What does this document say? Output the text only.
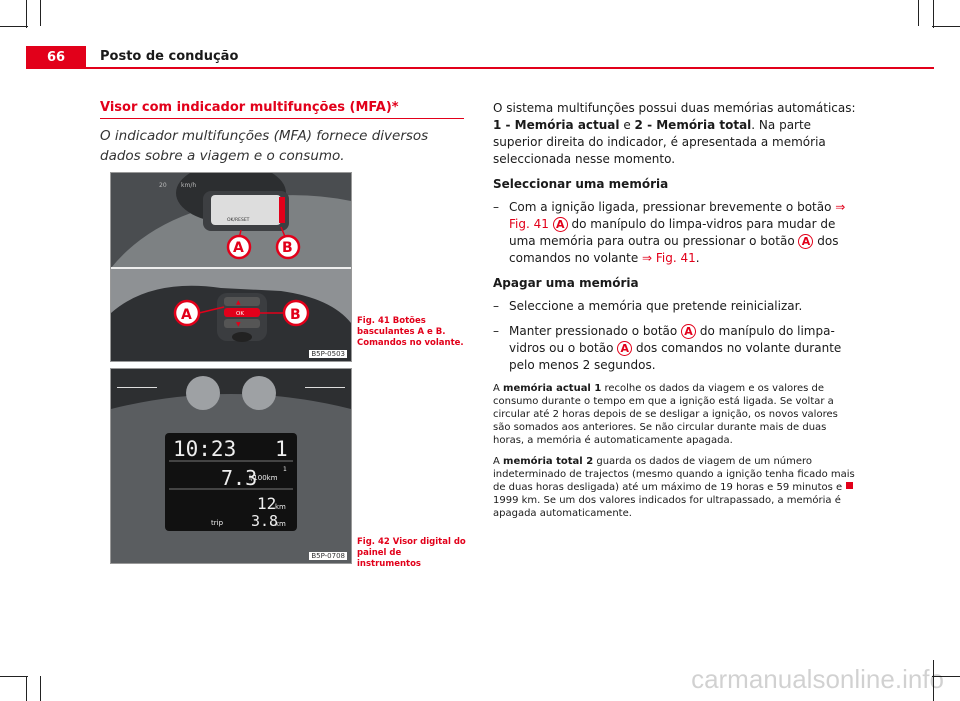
66	Posto de condução
Visor com indicador multifunções (MFA)*
O indicador multifunções (MFA) fornece diversos dados sobre a viagem e o consumo.
20 km/h
OK/RESET
A	B
▲
OK
▼
A	B
B5P-0503
Fig. 41 Botões basculantes A e B. Comandos no volante.
10:23 1
7.3
l/100km
1
12
km
trip 3.8
km
B5P-0708
Fig. 42 Visor digital do painel de instrumentos

O sistema multifunções possui duas memórias automáticas: 1 - Memória actual e 2 - Memória total. Na parte superior direita do indicador, é apresentada a memória seleccionada nesse momento.

Seleccionar uma memória
– Com a ignição ligada, pressionar brevemente o botão ⇒ Fig. 41 A do manípulo do limpa-vidros para mudar de uma memória para outra ou pressionar o botão A dos comandos no volante ⇒ Fig. 41.
Apagar uma memória
– Seleccione a memória que pretende reinicializar.
– Manter pressionado o botão A do manípulo do limpa-vidros ou o botão A dos comandos no volante durante pelo menos 2 segundos.

A memória actual 1 recolhe os dados da viagem e os valores de consumo durante o tempo em que a ignição está ligada. Se voltar a circular até 2 horas depois de se desligar a ignição, os novos valores são somados aos anteriores. Se não circular durante mais de duas horas, a memória é automaticamente apagada.

A memória total 2 guarda os dados de viagem de um número indeterminado de trajectos (mesmo quando a ignição tenha ficado mais de duas horas desligada) até um máximo de 19 horas e 59 minutos e 1999 km. Se um dos valores indicados for ultrapassado, a memória é apagada automaticamente.

carmanualsonline.info
